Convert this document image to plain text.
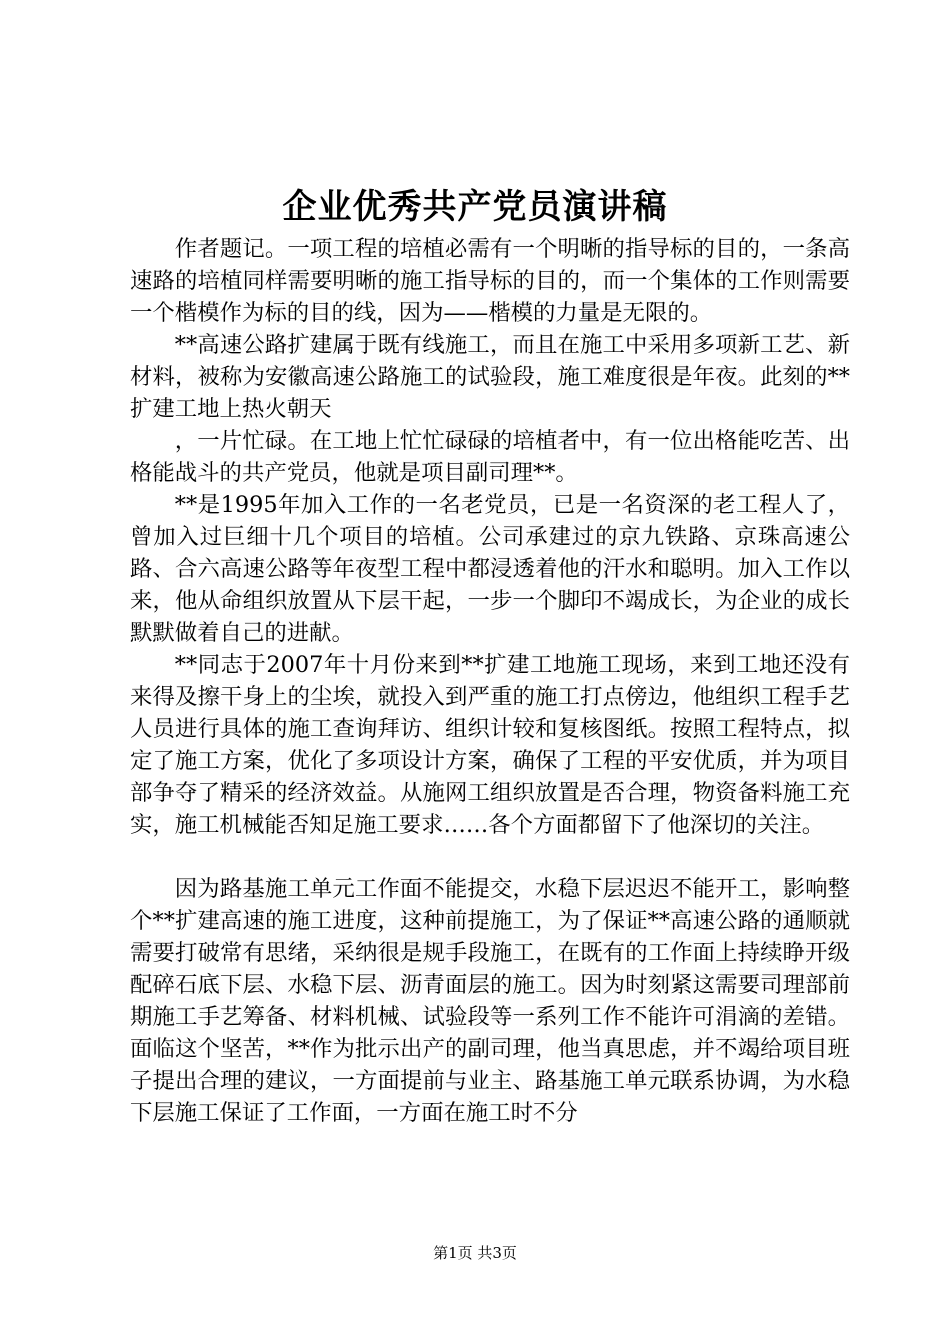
企业优秀共产党员演讲稿

作者题记。一项工程的培植必需有一个明晰的指导标的目的，一条高速路的培植同样需要明晰的施工指导标的目的，而一个集体的工作则需要一个楷模作为标的目的线，因为——楷模的力量是无限的。

**高速公路扩建属于既有线施工，而且在施工中采用多项新工艺、新材料，被称为安徽高速公路施工的试验段，施工难度很是年夜。此刻的**扩建工地上热火朝天

，一片忙碌。在工地上忙忙碌碌的培植者中，有一位出格能吃苦、出格能战斗的共产党员，他就是项目副司理**。

**是1995年加入工作的一名老党员，已是一名资深的老工程人了，曾加入过巨细十几个项目的培植。公司承建过的京九铁路、京珠高速公路、合六高速公路等年夜型工程中都浸透着他的汗水和聪明。加入工作以来，他从命组织放置从下层干起，一步一个脚印不竭成长，为企业的成长默默做着自己的进献。

**同志于2007年十月份来到**扩建工地施工现场，来到工地还没有来得及擦干身上的尘埃，就投入到严重的施工打点傍边，他组织工程手艺人员进行具体的施工查询拜访、组织计较和复核图纸。按照工程特点，拟定了施工方案，优化了多项设计方案，确保了工程的平安优质，并为项目部争夺了精采的经济效益。从施网工组织放置是否合理，物资备料施工充实，施工机械能否知足施工要求……各个方面都留下了他深切的关注。

因为路基施工单元工作面不能提交，水稳下层迟迟不能开工，影响整个**扩建高速的施工进度，这种前提施工，为了保证**高速公路的通顺就需要打破常有思绪，采纳很是规手段施工，在既有的工作面上持续睁开级配碎石底下层、水稳下层、沥青面层的施工。因为时刻紧这需要司理部前期施工手艺筹备、材料机械、试验段等一系列工作不能许可涓滴的差错。面临这个坚苦，**作为批示出产的副司理，他当真思虑，并不竭给项目班子提出合理的建议，一方面提前与业主、路基施工单元联系协调，为水稳下层施工保证了工作面，一方面在施工时不分

第1页 共3页
